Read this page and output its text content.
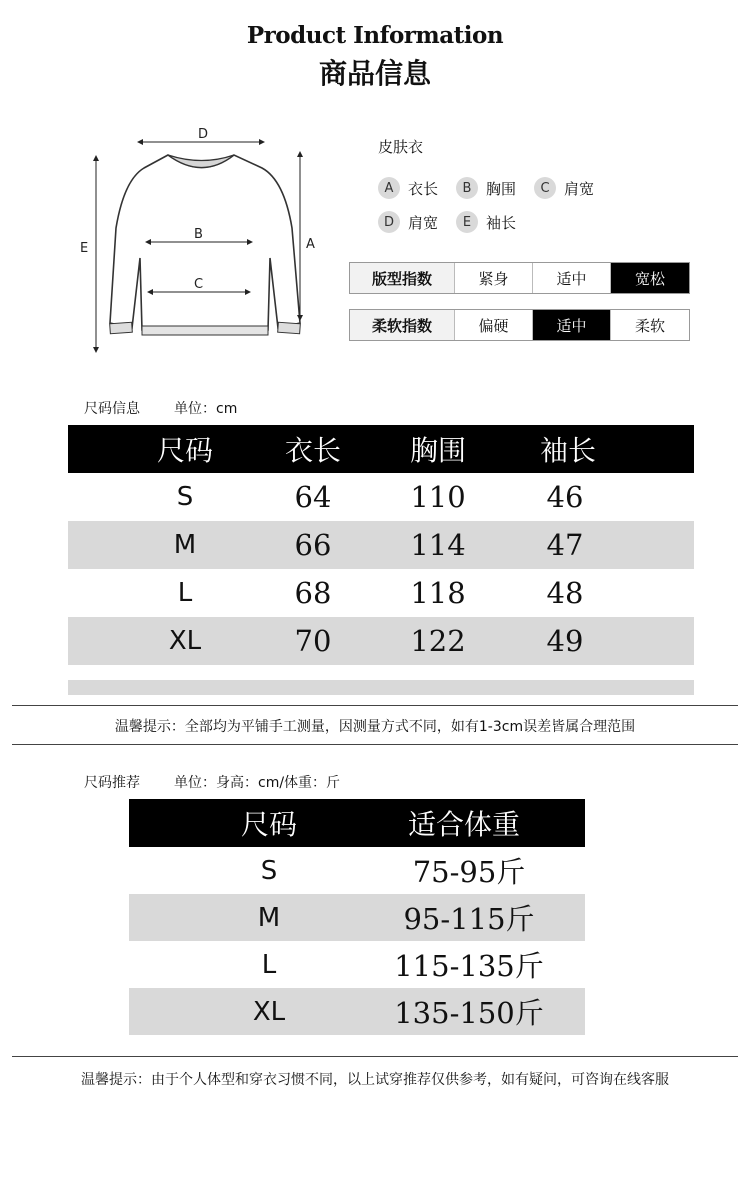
Product Information
商品信息
D
B
C
E	A
皮肤衣
A 衣长	B 胸围	C 肩宽
D 肩宽	E 袖长
版型指数	紧身	适中	宽松
柔软指数	偏硬	适中	柔软
尺码信息 单位：cm
尺码	衣长	胸围	袖长
S	64	110	46
M	66	114	47
L	68	118	48
XL	70	122	49
温馨提示：全部均为平铺手工测量，因测量方式不同，如有1-3cm误差皆属合理范围
尺码推荐 单位：身高：cm/体重：斤
尺码	适合体重
S	75-95斤
M	95-115斤
L	115-135斤
XL	135-150斤
温馨提示：由于个人体型和穿衣习惯不同，以上试穿推荐仅供参考，如有疑问，可咨询在线客服
